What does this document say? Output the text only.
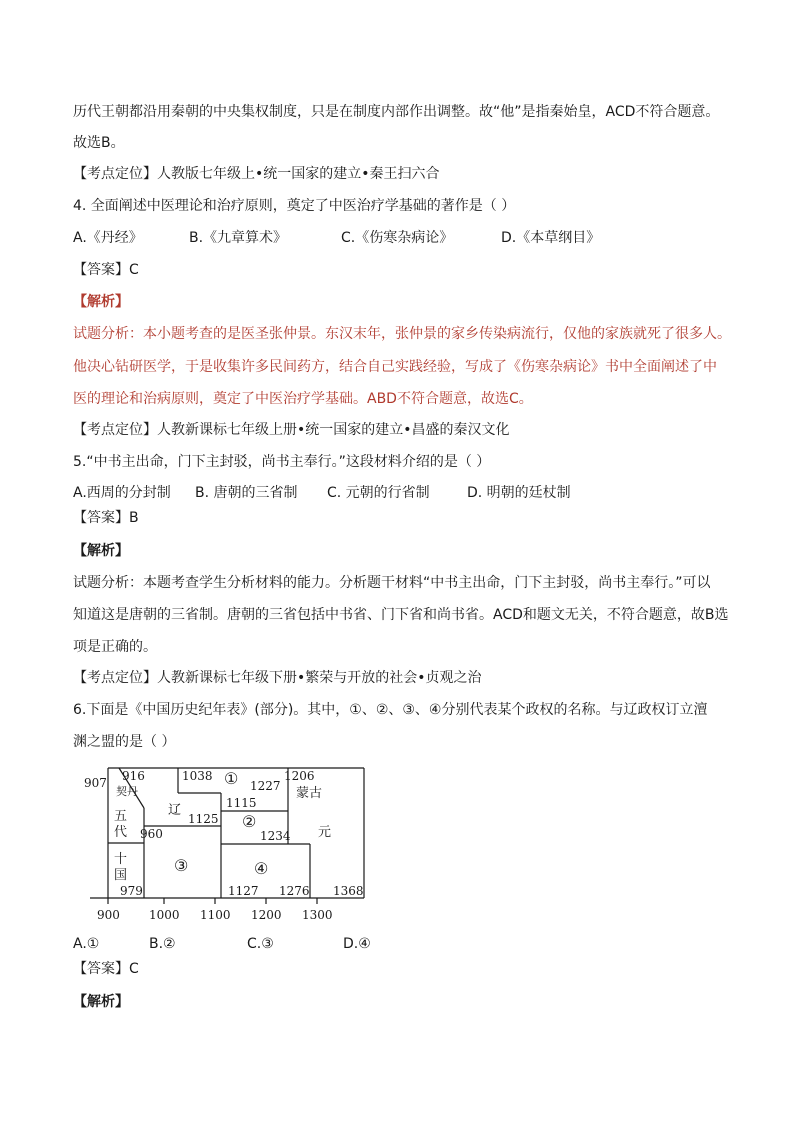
历代王朝都沿用秦朝的中央集权制度，只是在制度内部作出调整。故“他”是指秦始皇，ACD不符合题意。
故选B。
【考点定位】人教版七年级上•统一国家的建立•秦王扫六合
4. 全面阐述中医理论和治疗原则，奠定了中医治疗学基础的著作是（ ）
A.《丹经》	B.《九章算术》	C.《伤寒杂病论》	D.《本草纲目》
【答案】C
【解析】
试题分析：本小题考查的是医圣张仲景。东汉末年，张仲景的家乡传染病流行，仅他的家族就死了很多人。
他决心钻研医学，于是收集许多民间药方，结合自己实践经验，写成了《伤寒杂病论》书中全面阐述了中
医的理论和治病原则，奠定了中医治疗学基础。ABD不符合题意，故选C。
【考点定位】人教新课标七年级上册•统一国家的建立•昌盛的秦汉文化
5.“中书主出命，门下主封驳，尚书主奉行。”这段材料介绍的是（ ）
A.西周的分封制 B. 唐朝的三省制 C. 元朝的行省制	D. 明朝的廷杖制
【答案】B
【解析】
试题分析：本题考查学生分析材料的能力。分析题干材料“中书主出命，门下主封驳，尚书主奉行。”可以
知道这是唐朝的三省制。唐朝的三省包括中书省、门下省和尚书省。ACD和题文无关，不符合题意，故B选
项是正确的。
【考点定位】人教新课标七年级下册•繁荣与开放的社会•贞观之治
6.下面是《中国历史纪年表》(部分)。其中，①、②、③、④分别代表某个政权的名称。与辽政权订立澶
渊之盟的是（ ）
907 916
契丹
1038 ① 1227
1206
蒙古
辽	1115
②
1125
1234 元
五
代 960
十
国
979
③	④
1127 1276 1368
900 1000 1100 1200 1300
A.①	B.②	C.③	D.④
【答案】C
【解析】
